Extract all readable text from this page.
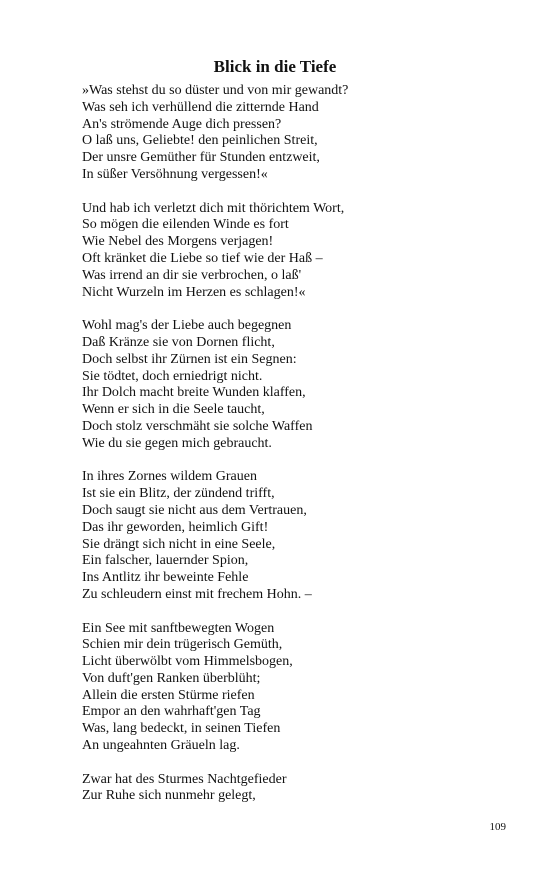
Blick in die Tiefe
»Was stehst du so düster und von mir gewandt?
Was seh ich verhüllend die zitternde Hand
An's strömende Auge dich pressen?
O laß uns, Geliebte! den peinlichen Streit,
Der unsre Gemüther für Stunden entzweit,
In süßer Versöhnung vergessen!«
Und hab ich verletzt dich mit thörichtem Wort,
So mögen die eilenden Winde es fort
Wie Nebel des Morgens verjagen!
Oft kränket die Liebe so tief wie der Haß –
Was irrend an dir sie verbrochen, o laß'
Nicht Wurzeln im Herzen es schlagen!«
Wohl mag's der Liebe auch begegnen
Daß Kränze sie von Dornen flicht,
Doch selbst ihr Zürnen ist ein Segnen:
Sie tödtet, doch erniedrigt nicht.
Ihr Dolch macht breite Wunden klaffen,
Wenn er sich in die Seele taucht,
Doch stolz verschmäht sie solche Waffen
Wie du sie gegen mich gebraucht.
In ihres Zornes wildem Grauen
Ist sie ein Blitz, der zündend trifft,
Doch saugt sie nicht aus dem Vertrauen,
Das ihr geworden, heimlich Gift!
Sie drängt sich nicht in eine Seele,
Ein falscher, lauernder Spion,
Ins Antlitz ihr beweinte Fehle
Zu schleudern einst mit frechem Hohn. –
Ein See mit sanftbewegten Wogen
Schien mir dein trügerisch Gemüth,
Licht überwölbt vom Himmelsbogen,
Von duft'gen Ranken überblüht;
Allein die ersten Stürme riefen
Empor an den wahrhaft'gen Tag
Was, lang bedeckt, in seinen Tiefen
An ungeahnten Gräueln lag.
Zwar hat des Sturmes Nachtgefieder
Zur Ruhe sich nunmehr gelegt,
109
